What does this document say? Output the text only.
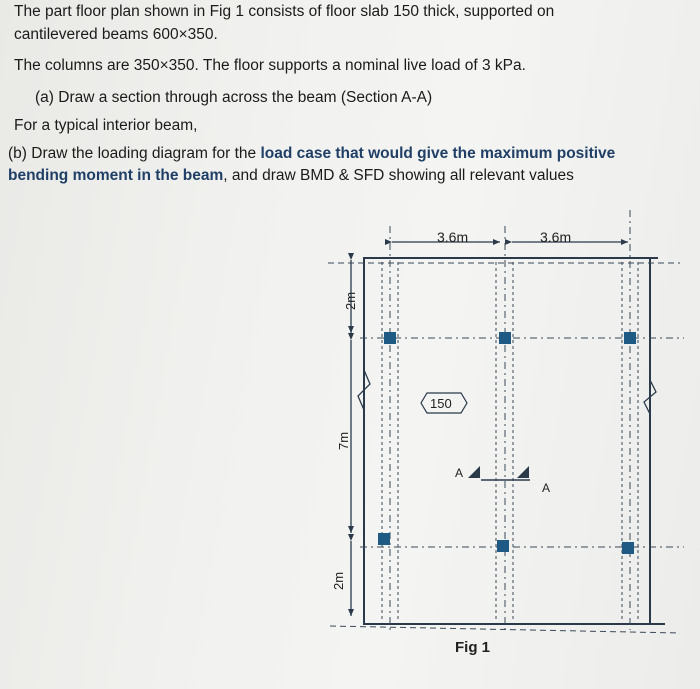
The part floor plan shown in Fig 1 consists of floor slab 150 thick, supported on
cantilevered beams 600×350.
The columns are 350×350. The floor supports a nominal live load of 3 kPa.
(a) Draw a section through across the beam (Section A-A)
For a typical interior beam,
(b) Draw the loading diagram for the load case that would give the maximum positive
bending moment in the beam, and draw BMD & SFD showing all relevant values
3.6m	3.6m
2m
7m
2m
150
A
A
Fig 1
